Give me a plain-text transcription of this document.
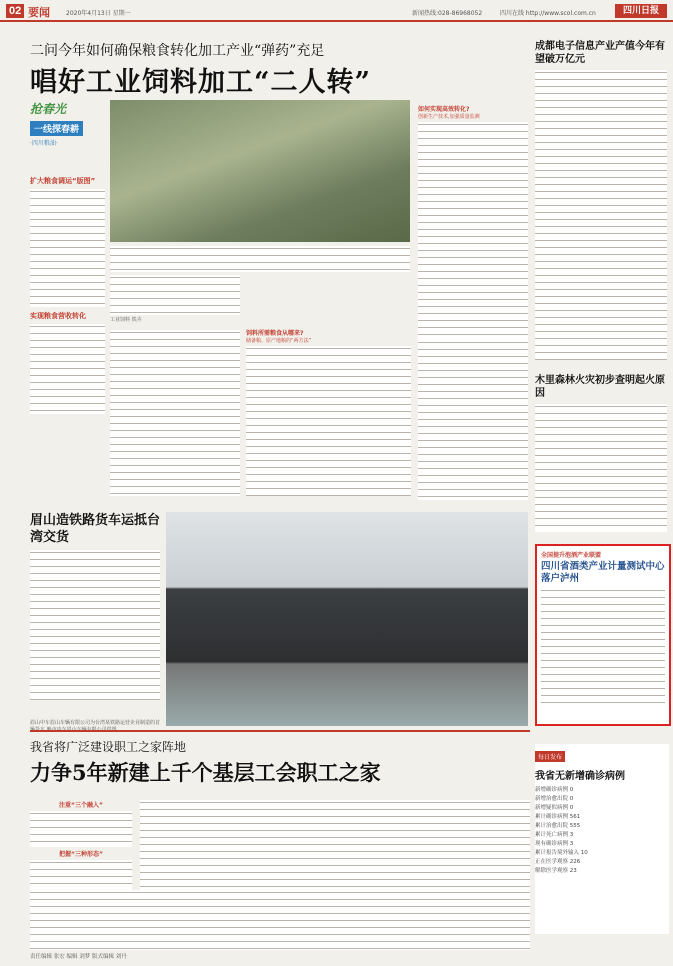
02 要闻	2020年4月13日 星期一	新闻热线:028-86968052	四川在线 http://www.scol.com.cn	四川日报
二问今年如何确保粮食转化加工产业“弹药”充足
唱好工业饲料加工“二人转”
抢春光
一线探春耕
·四川粮油·
扩大粮食调运“版图”
实现粮食营收转化	工业饲料 铁卉
如何实现高效转化?
创新生产技术,加强质量监测
饲料所需粮食从哪来?
储备粮、原产地粮的“两方法”
成都电子信息产业产值今年有望破万亿元
木里森林火灾初步查明起火原因
全国提升泡酒产业联盟
四川省酒类产业计量测试中心落户泸州
眉山造铁路货车运抵台湾交货
眉山中车眉山车辆有限公司为台湾某铁路运营企业制造的首辆货车 晚市中车眉山车辆有限公司供图
我省将广泛建设职工之家阵地
力争5年新建上千个基层工会职工之家
注重“三个融入”
把握“三种形态”
每日发布
我省无新增确诊病例
新增确诊病例 0
新增治愈出院 0
新增疑似病例 0
累计确诊病例 561
累计治愈出院 555
累计死亡病例 3
现有确诊病例 3
累计报告境外输入 10
正在医学观察 226
解除医学观察 23
责任编辑 张宏 编辑 刘梦 版式编辑 刘丹
